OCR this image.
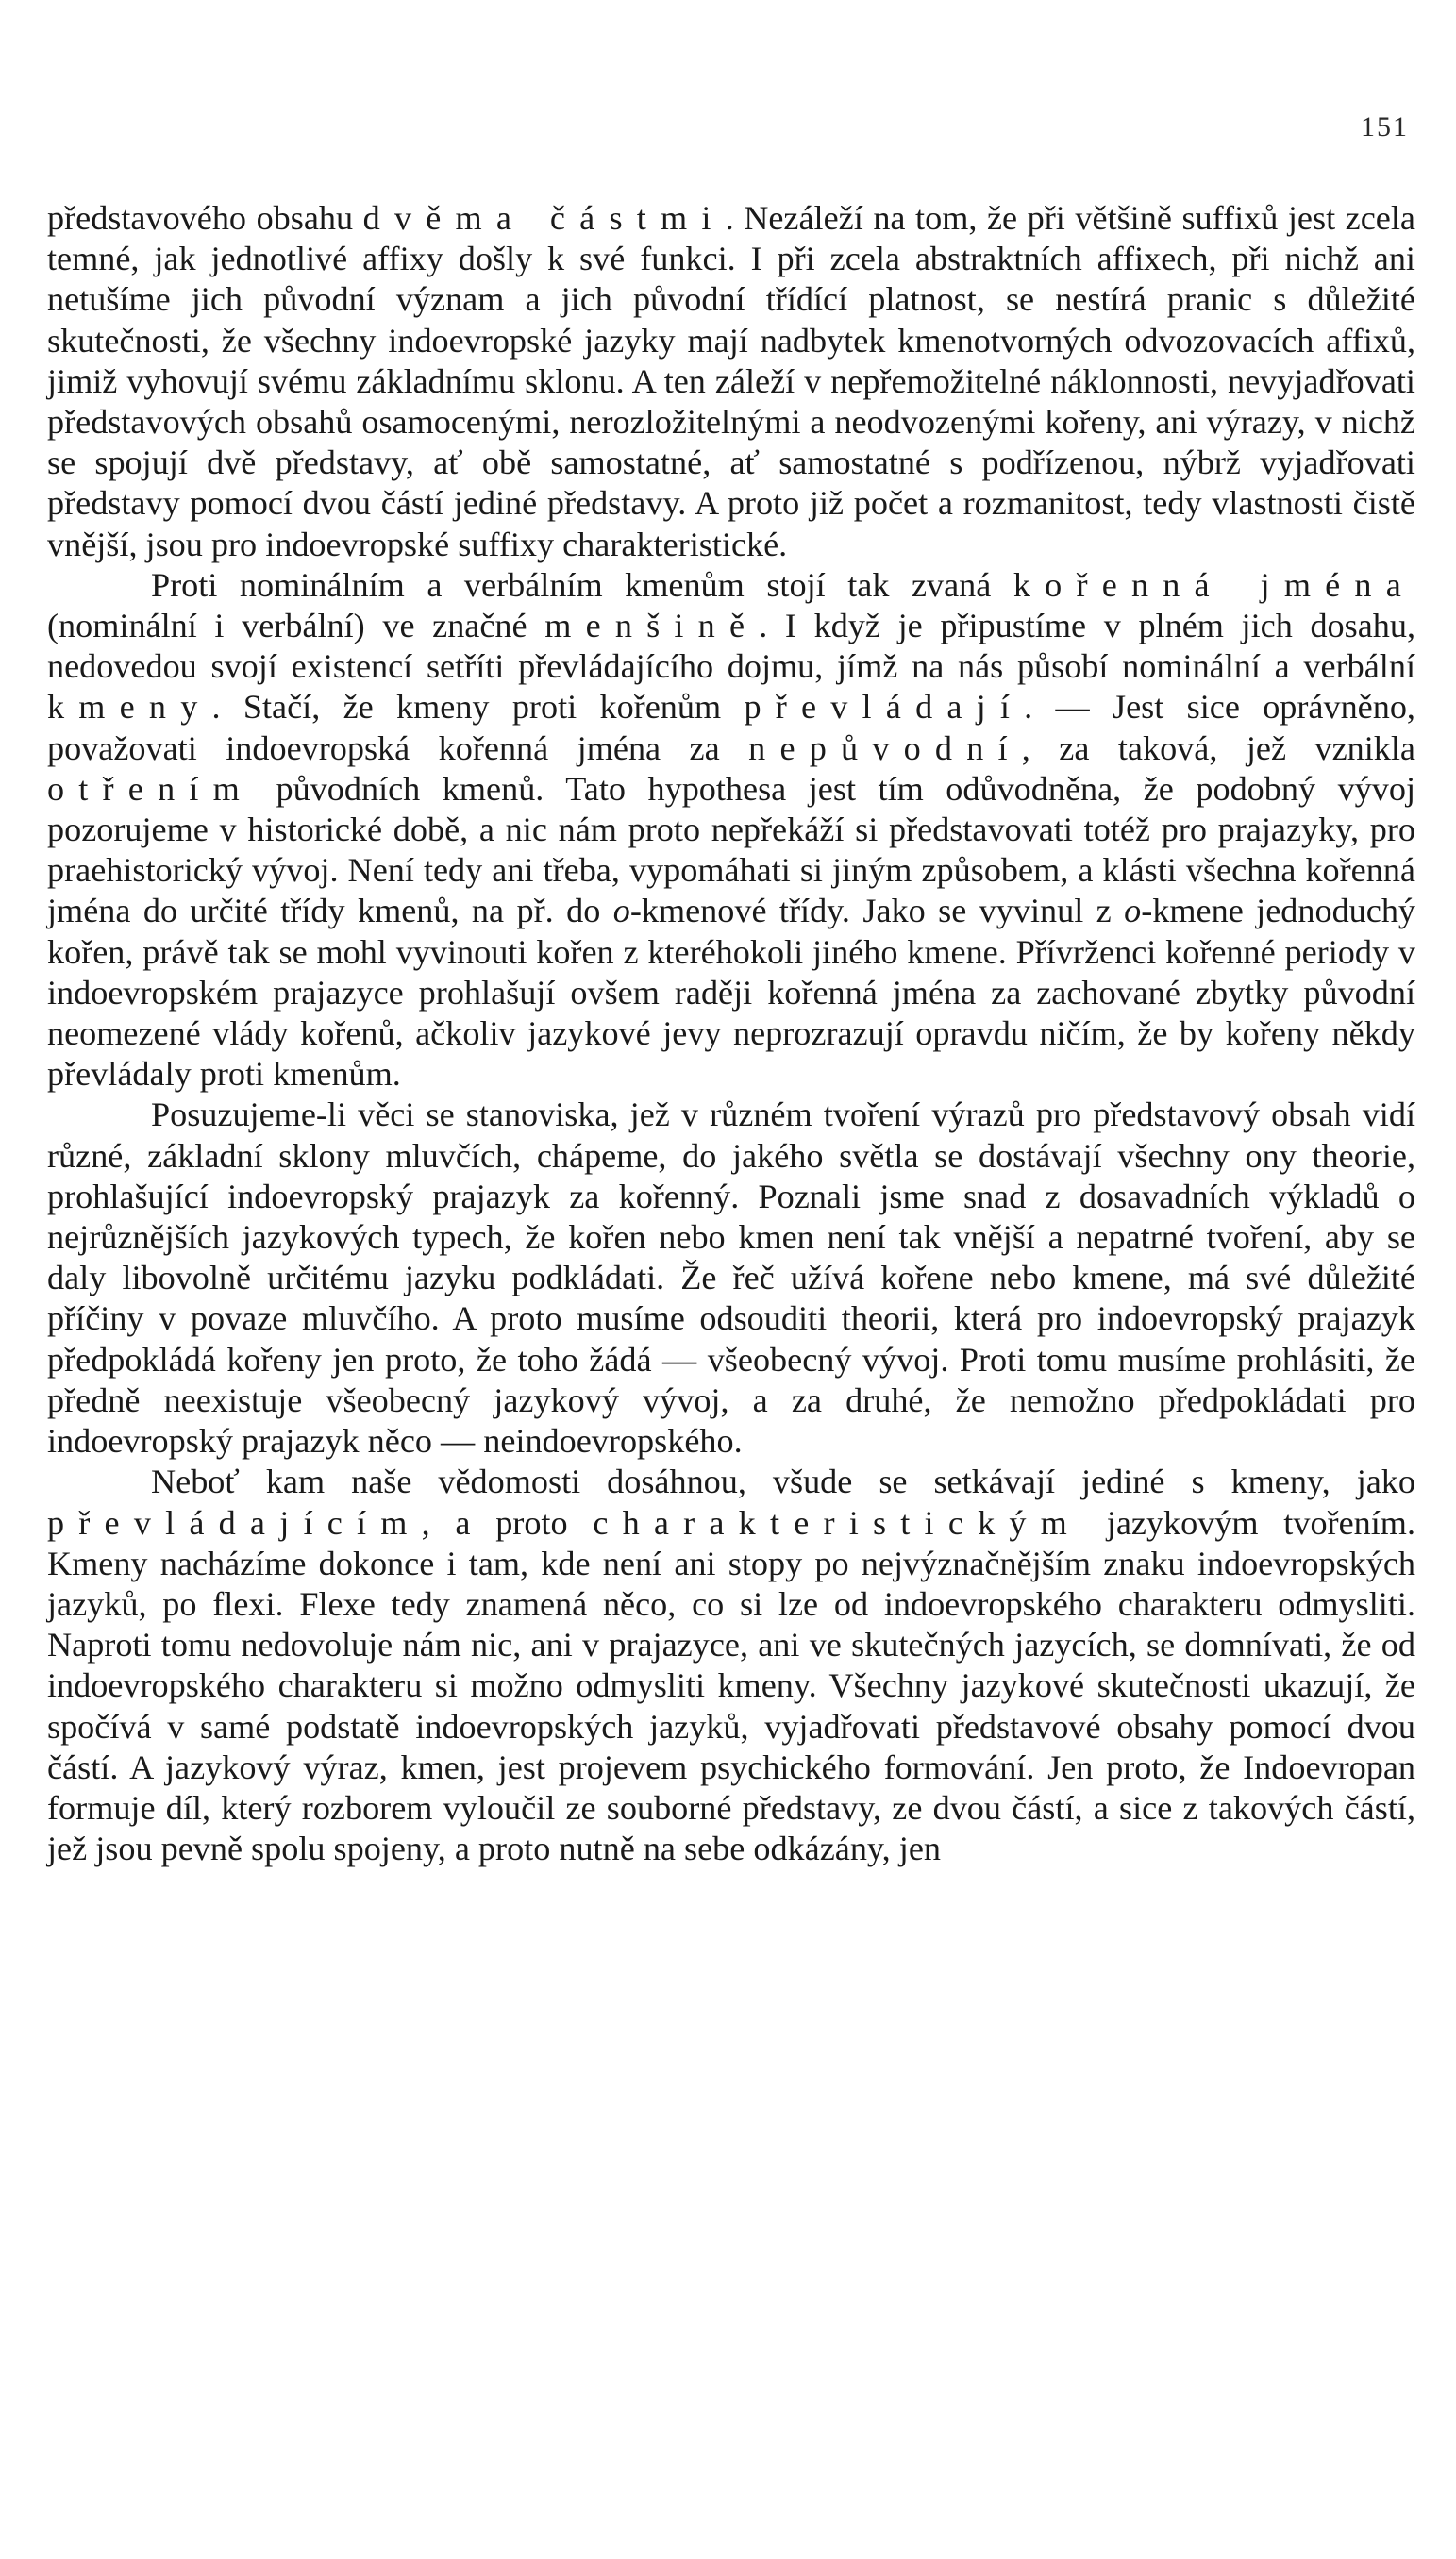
151

představového obsahu dvěma částmi. Nezáleží na tom, že při většině suffixů jest zcela temné, jak jednotlivé affixy došly k své funkci. I při zcela abstraktních affixech, při nichž ani netušíme jich původní význam a jich původní třídící platnost, se nestírá pranic s důležité skutečnosti, že všechny indoevropské jazyky mají nadbytek kmenotvorných odvozovacích affixů, jimiž vyhovují svému základnímu sklonu. A ten záleží v nepřemožitelné náklonnosti, nevyjadřovati představových obsahů osamocenými, nerozložitelnými a neodvozenými kořeny, ani výrazy, v nichž se spojují dvě představy, ať obě samostatné, ať samostatné s podřízenou, nýbrž vyjadřovati představy pomocí dvou částí jediné představy. A proto již počet a rozmanitost, tedy vlastnosti čistě vnější, jsou pro indoevropské suffixy charakteristické.

Proti nominálním a verbálním kmenům stojí tak zvaná kořenná jména (nominální i verbální) ve značné menšině. I když je připustíme v plném jich dosahu, nedovedou svojí existencí setříti převládajícího dojmu, jímž na nás působí nominální a verbální kmeny. Stačí, že kmeny proti kořenům převládají. — Jest sice oprávněno, považovati indoevropská kořenná jména za nepůvodní, za taková, jež vznikla otřením původních kmenů. Tato hypothesa jest tím odůvodněna, že podobný vývoj pozorujeme v historické době, a nic nám proto nepřekáží si představovati totéž pro prajazyky, pro praehistorický vývoj. Není tedy ani třeba, vypomáhati si jiným způsobem, a klásti všechna kořenná jména do určité třídy kmenů, na př. do o-kmenové třídy. Jako se vyvinul z o-kmene jednoduchý kořen, právě tak se mohl vyvinouti kořen z kteréhokoli jiného kmene. Přívrženci kořenné periody v indoevropském prajazyce prohlašují ovšem raději kořenná jména za zachované zbytky původní neomezené vlády kořenů, ačkoliv jazykové jevy neprozrazují opravdu ničím, že by kořeny někdy převládaly proti kmenům.

Posuzujeme-li věci se stanoviska, jež v různém tvoření výrazů pro představový obsah vidí různé, základní sklony mluvčích, chápeme, do jakého světla se dostávají všechny ony theorie, prohlašující indoevropský prajazyk za kořenný. Poznali jsme snad z dosavadních výkladů o nejrůznějších jazykových typech, že kořen nebo kmen není tak vnější a nepatrné tvoření, aby se daly libovolně určitému jazyku podkládati. Že řeč užívá kořene nebo kmene, má své důležité příčiny v povaze mluvčího. A proto musíme odsouditi theorii, která pro indoevropský prajazyk předpokládá kořeny jen proto, že toho žádá — všeobecný vývoj. Proti tomu musíme prohlásiti, že předně neexistuje všeobecný jazykový vývoj, a za druhé, že nemožno předpokládati pro indoevropský prajazyk něco — neindoevropského.

Neboť kam naše vědomosti dosáhnou, všude se setkávají jediné s kmeny, jako převládajícím, a proto charakteristickým jazykovým tvořením. Kmeny nacházíme dokonce i tam, kde není ani stopy po nejvýznačnějším znaku indoevropských jazyků, po flexi. Flexe tedy znamená něco, co si lze od indoevropského charakteru odmysliti. Naproti tomu nedovoluje nám nic, ani v prajazyce, ani ve skutečných jazycích, se domnívati, že od indoevropského charakteru si možno odmysliti kmeny. Všechny jazykové skutečnosti ukazují, že spočívá v samé podstatě indoevropských jazyků, vyjadřovati představové obsahy pomocí dvou částí. A jazykový výraz, kmen, jest projevem psychického formování. Jen proto, že Indoevropan formuje díl, který rozborem vyloučil ze souborné představy, ze dvou částí, a sice z takových částí, jež jsou pevně spolu spojeny, a proto nutně na sebe odkázány, jen
